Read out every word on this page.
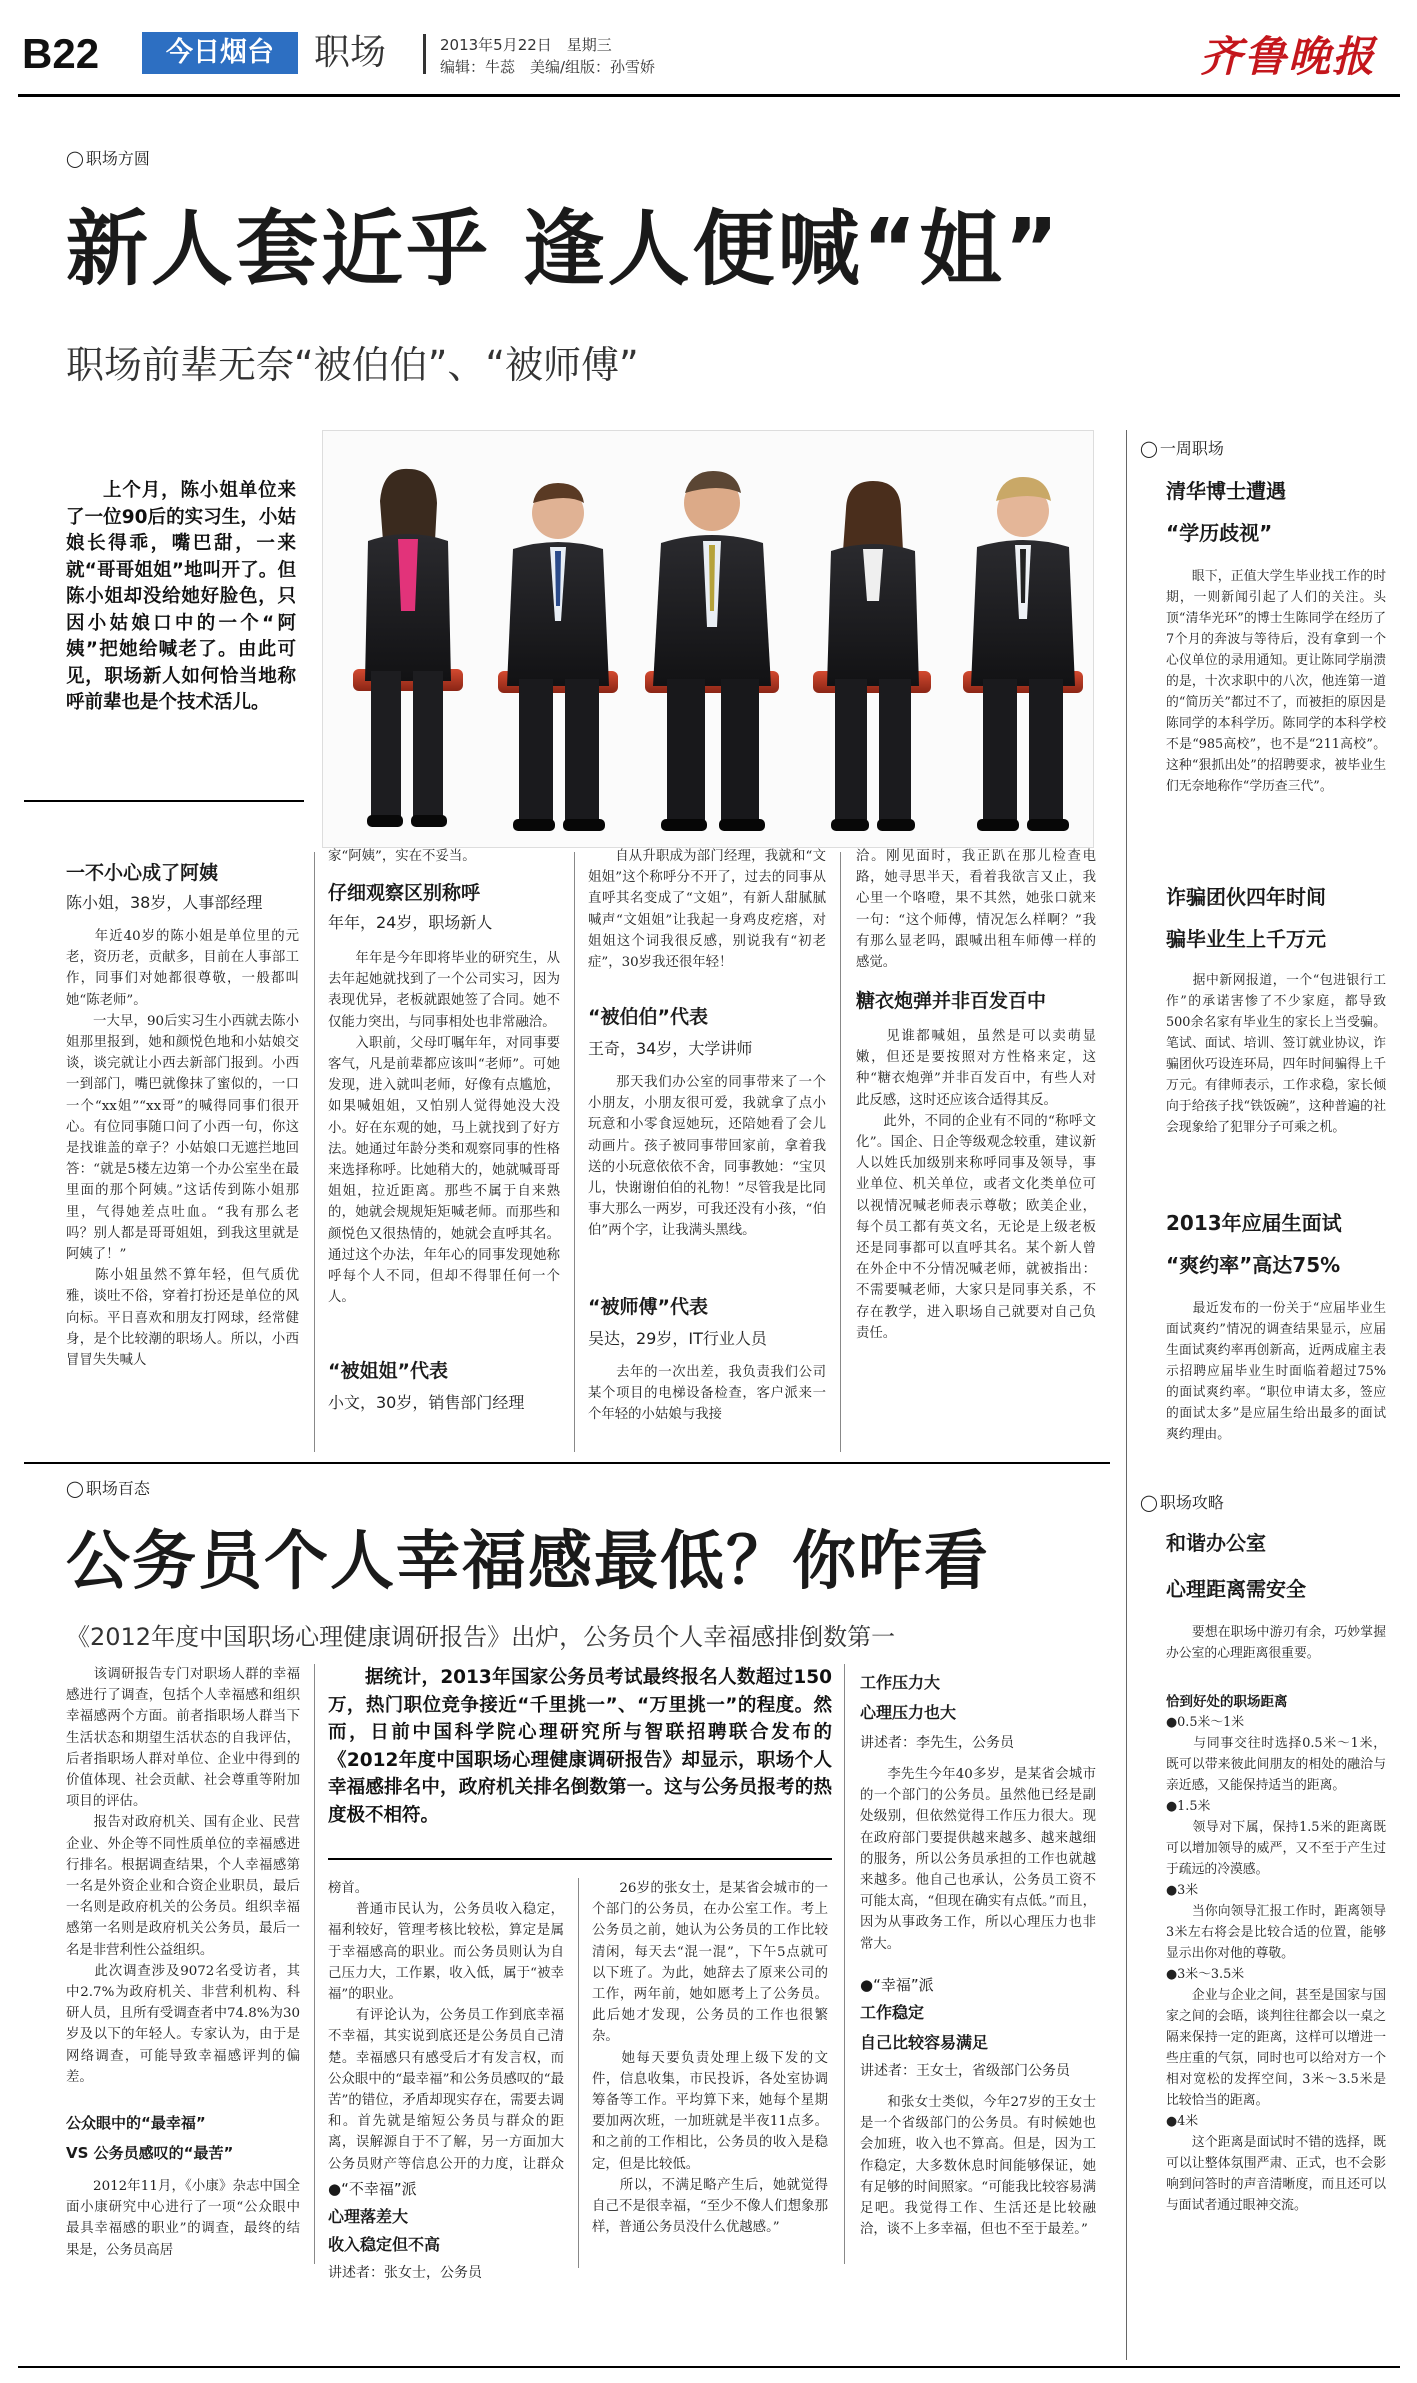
B22	今日烟台	职场	2013年5月22日　星期三
编辑：牛蕊　美编/组版：孙雪娇	齐鲁晚报
◯ 职场方圆
新人套近乎 逢人便喊“姐”
职场前辈无奈“被伯伯”、“被师傅”
上个月，陈小姐单位来了一位90后的实习生，小姑娘长得乖，嘴巴甜，一来就“哥哥姐姐”地叫开了。但陈小姐却没给她好脸色，只因小姑娘口中的一个“阿姨”把她给喊老了。由此可见，职场新人如何恰当地称呼前辈也是个技术活儿。
一不小心成了阿姨
陈小姐，38岁，人事部经理
　　年近40岁的陈小姐是单位里的元老，资历老，贡献多，目前在人事部工作，同事们对她都很尊敬，一般都叫她“陈老师”。
　　一大早，90后实习生小西就去陈小姐那里报到，她和颜悦色地和小姑娘交谈，谈完就让小西去新部门报到。小西一到部门，嘴巴就像抹了蜜似的，一口一个“xx姐”“xx哥”的喊得同事们很开心。有位同事随口问了小西一句，你这是找谁盖的章子？小姑娘口无遮拦地回答：“就是5楼左边第一个办公室坐在最里面的那个阿姨。”这话传到陈小姐那里，气得她差点吐血。“我有那么老吗？别人都是哥哥姐姐，到我这里就是阿姨了！”
　　陈小姐虽然不算年轻，但气质优雅，谈吐不俗，穿着打扮还是单位的风向标。平日喜欢和朋友打网球，经常健身，是个比较潮的职场人。所以，小西冒冒失失喊人
家“阿姨”，实在不妥当。
仔细观察区别称呼
年年，24岁，职场新人
　　年年是今年即将毕业的研究生，从去年起她就找到了一个公司实习，因为表现优异，老板就跟她签了合同。她不仅能力突出，与同事相处也非常融洽。
　　入职前，父母叮嘱年年，对同事要客气，凡是前辈都应该叫“老师”。可她发现，进入就叫老师，好像有点尴尬，如果喊姐姐，又怕别人觉得她没大没小。好在东观的她，马上就找到了好方法。她通过年龄分类和观察同事的性格来选择称呼。比她稍大的，她就喊哥哥姐姐，拉近距离。那些不属于自来熟的，她就会规规矩矩喊老师。而那些和颜悦色又很热情的，她就会直呼其名。通过这个办法，年年心的同事发现她称呼每个人不同，但却不得罪任何一个人。
“被姐姐”代表
小文，30岁，销售部门经理
　　自从升职成为部门经理，我就和“文姐姐”这个称呼分不开了，过去的同事从直呼其名变成了“文姐”，有新人甜腻腻喊声“文姐姐”让我起一身鸡皮疙瘩，对姐姐这个词我很反感，别说我有“初老症”，30岁我还很年轻！
“被伯伯”代表
王奇，34岁，大学讲师
　　那天我们办公室的同事带来了一个小朋友，小朋友很可爱，我就拿了点小玩意和小零食逗她玩，还陪她看了会儿动画片。孩子被同事带回家前，拿着我送的小玩意依依不舍，同事教她：“宝贝儿，快谢谢伯伯的礼物！”尽管我是比同事大那么一两岁，可我还没有小孩，“伯伯”两个字，让我满头黑线。
“被师傅”代表
吴达，29岁，IT行业人员
　　去年的一次出差，我负责我们公司某个项目的电梯设备检查，客户派来一个年轻的小姑娘与我接
洽。刚见面时，我正趴在那儿检查电路，她寻思半天，看着我欲言又止，我心里一个咯噔，果不其然，她张口就来一句：“这个师傅，情况怎么样啊？”我有那么显老吗，跟喊出租车师傅一样的感觉。
糖衣炮弹并非百发百中
　　见谁都喊姐，虽然是可以卖萌显嫩，但还是要按照对方性格来定，这种“糖衣炮弹”并非百发百中，有些人对此反感，这时还应该合适得其反。
　　此外，不同的企业有不同的“称呼文化”。国企、日企等级观念较重，建议新人以姓氏加级别来称呼同事及领导，事业单位、机关单位，或者文化类单位可以视情况喊老师表示尊敬；欧美企业，每个员工都有英文名，无论是上级老板还是同事都可以直呼其名。某个新人曾在外企中不分情况喊老师，就被指出：不需要喊老师，大家只是同事关系，不存在教学，进入职场自己就要对自己负责任。
◯ 一周职场
清华博士遭遇
“学历歧视”
　　眼下，正值大学生毕业找工作的时期，一则新闻引起了人们的关注。头顶“清华光环”的博士生陈同学在经历了7个月的奔波与等待后，没有拿到一个心仪单位的录用通知。更让陈同学崩溃的是，十次求职中的八次，他连第一道的“简历关”都过不了，而被拒的原因是陈同学的本科学历。陈同学的本科学校不是“985高校”，也不是“211高校”。这种“狠抓出处”的招聘要求，被毕业生们无奈地称作“学历查三代”。
诈骗团伙四年时间
骗毕业生上千万元
　　据中新网报道，一个“包进银行工作”的承诺害惨了不少家庭，都导致500余名家有毕业生的家长上当受骗。笔试、面试、培训、签订就业协议，诈骗团伙巧设连环局，四年时间骗得上千万元。有律师表示，工作求稳，家长倾向于给孩子找“铁饭碗”，这种普遍的社会现象给了犯罪分子可乘之机。
2013年应届生面试
“爽约率”高达75%
　　最近发布的一份关于“应届毕业生面试爽约”情况的调查结果显示，应届生面试爽约率再创新高，近两成雇主表示招聘应届毕业生时面临着超过75%的面试爽约率。“职位申请太多，签应的面试太多”是应届生给出最多的面试爽约理由。
◯ 职场攻略
和谐办公室
心理距离需安全
　　要想在职场中游刃有余，巧妙掌握办公室的心理距离很重要。
恰到好处的职场距离
●0.5米～1米
　　与同事交往时选择0.5米～1米，既可以带来彼此间朋友的相处的融洽与亲近感，又能保持适当的距离。
●1.5米
　　领导对下属，保持1.5米的距离既可以增加领导的威严，又不至于产生过于疏远的冷漠感。
●3米
　　当你向领导汇报工作时，距离领导3米左右将会是比较合适的位置，能够显示出你对他的尊敬。
●3米～3.5米
　　企业与企业之间，甚至是国家与国家之间的会晤，谈判往往都会以一桌之隔来保持一定的距离，这样可以增进一些庄重的气氛，同时也可以给对方一个相对宽松的发挥空间，3米～3.5米是比较恰当的距离。
●4米
　　这个距离是面试时不错的选择，既可以让整体氛围严肃、正式，也不会影响到问答时的声音清晰度，而且还可以与面试者通过眼神交流。
◯ 职场百态
公务员个人幸福感最低？你咋看
《2012年度中国职场心理健康调研报告》出炉，公务员个人幸福感排倒数第一
　　该调研报告专门对职场人群的幸福感进行了调查，包括个人幸福感和组织幸福感两个方面。前者指职场人群当下生活状态和期望生活状态的自我评估，后者指职场人群对单位、企业中得到的价值体现、社会贡献、社会尊重等附加项目的评估。
　　报告对政府机关、国有企业、民营企业、外企等不同性质单位的幸福感进行排名。根据调查结果，个人幸福感第一名是外资企业和合资企业职员，最后一名则是政府机关的公务员。组织幸福感第一名则是政府机关公务员，最后一名是非营利性公益组织。
　　此次调查涉及9072名受访者，其中2.7%为政府机关、非营利机构、科研人员，且所有受调查者中74.8%为30岁及以下的年轻人。专家认为，由于是网络调查，可能导致幸福感评判的偏差。
公众眼中的“最幸福”
VS 公务员感叹的“最苦”
　　2012年11月，《小康》杂志中国全面小康研究中心进行了一项“公众眼中最具幸福感的职业”的调查，最终的结果是，公务员高居
据统计，2013年国家公务员考试最终报名人数超过150万，热门职位竞争接近“千里挑一”、“万里挑一”的程度。然而，日前中国科学院心理研究所与智联招聘联合发布的《2012年度中国职场心理健康调研报告》却显示，职场个人幸福感排名中，政府机关排名倒数第一。这与公务员报考的热度极不相符。
榜首。
　　普通市民认为，公务员收入稳定，福利较好，管理考核比较松，算定是属于幸福感高的职业。而公务员则认为自己压力大，工作累，收入低，属于“被幸福”的职业。
　　有评论认为，公务员工作到底幸福不幸福，其实说到底还是公务员自己清楚。幸福感只有感受后才有发言权，而公众眼中的“最幸福”和公务员感叹的“最苦”的错位，矛盾却现实存在，需要去调和。首先就是缩短公务员与群众的距离，误解源自于不了解，另一方面加大公务员财产等信息公开的力度，让群众
●“不幸福”派
心理落差大
收入稳定但不高
讲述者：张女士，公务员
　　26岁的张女士，是某省会城市的一个部门的公务员，在办公室工作。考上公务员之前，她认为公务员的工作比较清闲，每天去“混一混”，下午5点就可以下班了。为此，她辞去了原来公司的工作，两年前，她如愿考上了公务员。此后她才发现，公务员的工作也很繁杂。
　　她每天要负责处理上级下发的文件，信息收集，市民投诉，各处室协调筹备等工作。平均算下来，她每个星期要加两次班，一加班就是半夜11点多。和之前的工作相比，公务员的收入是稳定，但是比较低。
　　所以，不满足略产生后，她就觉得自己不是很幸福，“至少不像人们想象那样，普通公务员没什么优越感。”
工作压力大
心理压力也大
讲述者：李先生，公务员
　　李先生今年40多岁，是某省会城市的一个部门的公务员。虽然他已经是副处级别，但依然觉得工作压力很大。现在政府部门要提供越来越多、越来越细的服务，所以公务员承担的工作也就越来越多。他自己也承认，公务员工资不可能太高，“但现在确实有点低。”而且，因为从事政务工作，所以心理压力也非常大。
●“幸福”派
工作稳定
自己比较容易满足
讲述者：王女士，省级部门公务员
　　和张女士类似，今年27岁的王女士是一个省级部门的公务员。有时候她也会加班，收入也不算高。但是，因为工作稳定，大多数休息时间能够保证，她有足够的时间照家。“可能我比较容易满足吧。我觉得工作、生活还是比较融洽，谈不上多幸福，但也不至于最差。”
